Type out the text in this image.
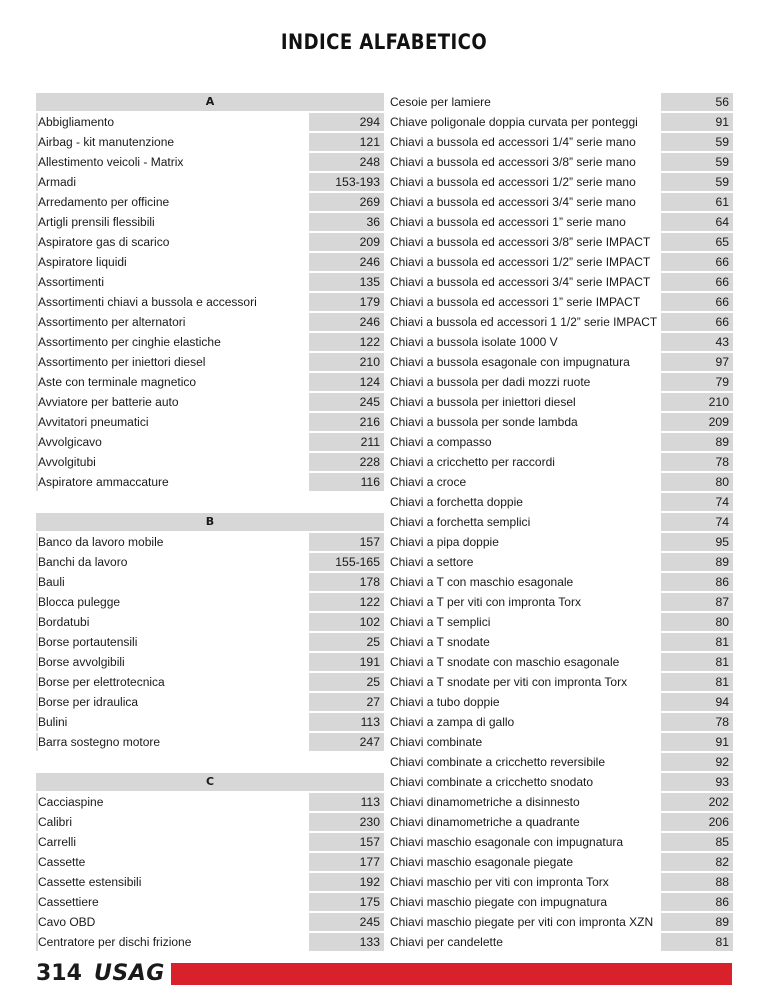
INDICE ALFABETICO
A
Abbigliamento	294
Airbag - kit manutenzione	121
Allestimento veicoli - Matrix	248
Armadi	153-193
Arredamento per officine	269
Artigli prensili flessibili	36
Aspiratore gas di scarico	209
Aspiratore liquidi	246
Assortimenti	135
Assortimenti chiavi a bussola e accessori	179
Assortimento per alternatori	246
Assortimento per cinghie elastiche	122
Assortimento per iniettori diesel	210
Aste con terminale magnetico	124
Avviatore per batterie auto	245
Avvitatori pneumatici	216
Avvolgicavo	211
Avvolgitubi	228
Aspiratore ammaccature	116
B
Banco da lavoro mobile	157
Banchi da lavoro	155-165
Bauli	178
Blocca pulegge	122
Bordatubi	102
Borse portautensili	25
Borse avvolgibili	191
Borse per elettrotecnica	25
Borse per idraulica	27
Bulini	113
Barra sostegno motore	247
C
Cacciaspine	113
Calibri	230
Carrelli	157
Cassette	177
Cassette estensibili	192
Cassettiere	175
Cavo OBD	245
Centratore per dischi frizione	133
Cesoie per lamiere	56
Chiave poligonale doppia curvata per ponteggi	91
Chiavi a bussola ed accessori 1/4” serie mano	59
Chiavi a bussola ed accessori 3/8” serie mano	59
Chiavi a bussola ed accessori 1/2” serie mano	59
Chiavi a bussola ed accessori 3/4” serie mano	61
Chiavi a bussola ed accessori 1” serie mano	64
Chiavi a bussola ed accessori 3/8” serie IMPACT	65
Chiavi a bussola ed accessori 1/2” serie IMPACT	66
Chiavi a bussola ed accessori 3/4” serie IMPACT	66
Chiavi a bussola ed accessori 1” serie IMPACT	66
Chiavi a bussola ed accessori 1 1/2” serie IMPACT	66
Chiavi a bussola isolate 1000 V	43
Chiavi a bussola esagonale con impugnatura	97
Chiavi a bussola per dadi mozzi ruote	79
Chiavi a bussola per iniettori diesel	210
Chiavi a bussola per sonde lambda	209
Chiavi a compasso	89
Chiavi a cricchetto per raccordi	78
Chiavi a croce	80
Chiavi a forchetta doppie	74
Chiavi a forchetta semplici	74
Chiavi a pipa doppie	95
Chiavi a settore	89
Chiavi a T con maschio esagonale	86
Chiavi a T per viti con impronta Torx	87
Chiavi a T semplici	80
Chiavi a T snodate	81
Chiavi a T snodate con maschio esagonale	81
Chiavi a T snodate per viti con impronta Torx	81
Chiavi a tubo doppie	94
Chiavi a zampa di gallo	78
Chiavi combinate	91
Chiavi combinate a cricchetto reversibile	92
Chiavi combinate a cricchetto snodato	93
Chiavi dinamometriche a disinnesto	202
Chiavi dinamometriche a quadrante	206
Chiavi maschio esagonale con impugnatura	85
Chiavi maschio esagonale piegate	82
Chiavi maschio per viti con impronta Torx	88
Chiavi maschio piegate con impugnatura	86
Chiavi maschio piegate per viti con impronta XZN	89
Chiavi per candelette	81
314 USAG
